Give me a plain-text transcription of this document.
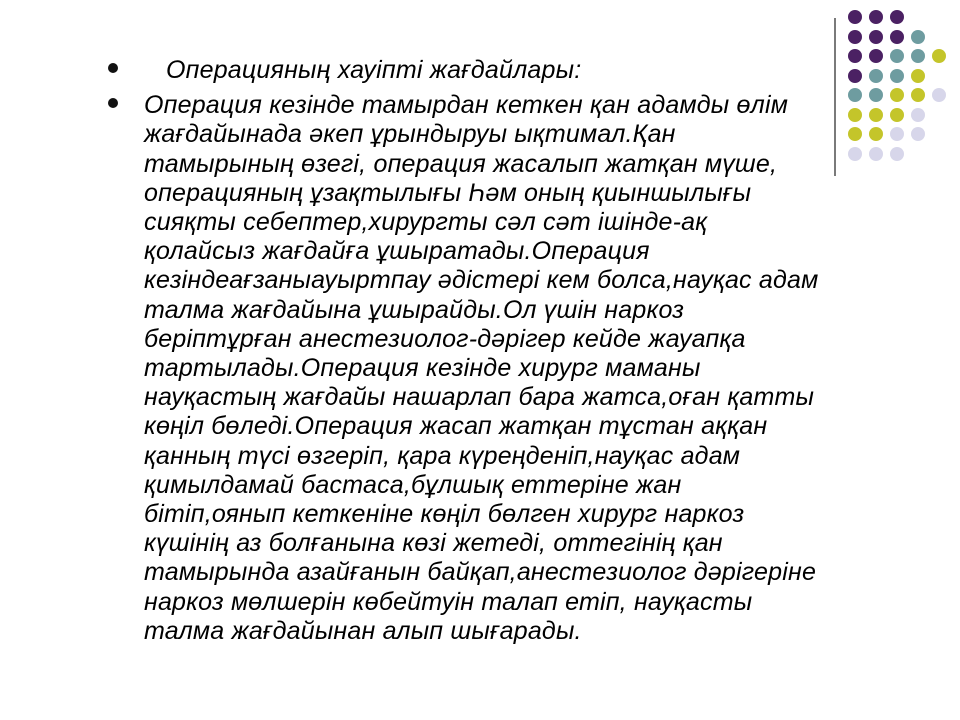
Операцияның хауіпті жағдайлары:
Операция кезінде тамырдан кеткен қан адамды өлім жағдайынада әкеп ұрындыруы ықтимал.Қан тамырының өзегі, операция жасалып жатқан мүше, операцияның ұзақтылығы Һәм оның қиыншылығы сияқты себептер,хирургты сәл сәт ішінде-ақ қолайсыз жағдайға ұшыратады.Операция кезіндеағзаныауыртпау әдістері кем болса,науқас адам талма жағдайына ұшырайды.Ол үшін наркоз беріптұрған анестезиолог-дәрігер кейде жауапқа тартылады.Операция кезінде хирург маманы науқастың жағдайы нашарлап бара жатса,оған қатты көңіл бөледі.Операция жасап жатқан тұстан аққан қанның түсі өзгеріп, қара күреңденіп,науқас адам қимылдамай бастаса,бұлшық еттеріне жан бітіп,оянып кеткеніне көңіл бөлген хирург наркоз күшінің аз болғанына көзі жетеді, оттегінің қан тамырында азайғанын байқап,анестезиолог дәрігеріне наркоз мөлшерін көбейтуін талап етіп, науқасты талма жағдайынан алып шығарады.
